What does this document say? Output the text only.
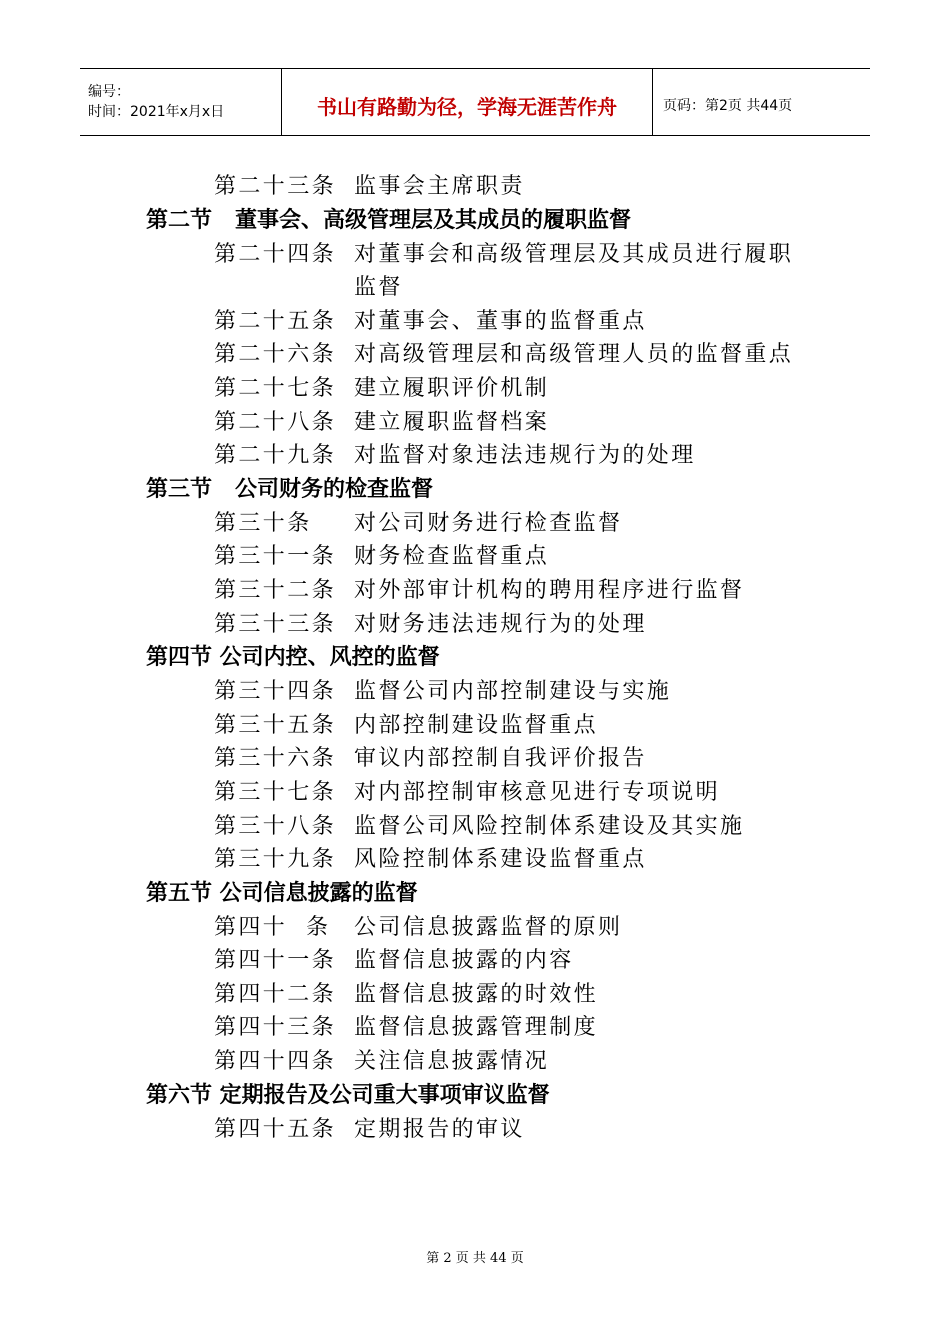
编号：
时间：2021年x月x日	书山有路勤为径，学海无涯苦作舟	页码：第2页 共44页
第二十三条 监事会主席职责
第二节   董事会、高级管理层及其成员的履职监督
第二十四条 对董事会和高级管理层及其成员进行履职监督
第二十五条 对董事会、董事的监督重点
第二十六条 对高级管理层和高级管理人员的监督重点
第二十七条 建立履职评价机制
第二十八条 建立履职监督档案
第二十九条 对监督对象违法违规行为的处理
第三节   公司财务的检查监督
第三十条	对公司财务进行检查监督
第三十一条 财务检查监督重点
第三十二条 对外部审计机构的聘用程序进行监督
第三十三条 对财务违法违规行为的处理
第四节 公司内控、风控的监督
第三十四条 监督公司内部控制建设与实施
第三十五条 内部控制建设监督重点
第三十六条 审议内部控制自我评价报告
第三十七条 对内部控制审核意见进行专项说明
第三十八条 监督公司风险控制体系建设及其实施
第三十九条 风险控制体系建设监督重点
第五节 公司信息披露的监督
第四十  条	公司信息披露监督的原则
第四十一条 监督信息披露的内容
第四十二条 监督信息披露的时效性
第四十三条 监督信息披露管理制度
第四十四条 关注信息披露情况
第六节 定期报告及公司重大事项审议监督
第四十五条 定期报告的审议
第 2 页 共 44 页
